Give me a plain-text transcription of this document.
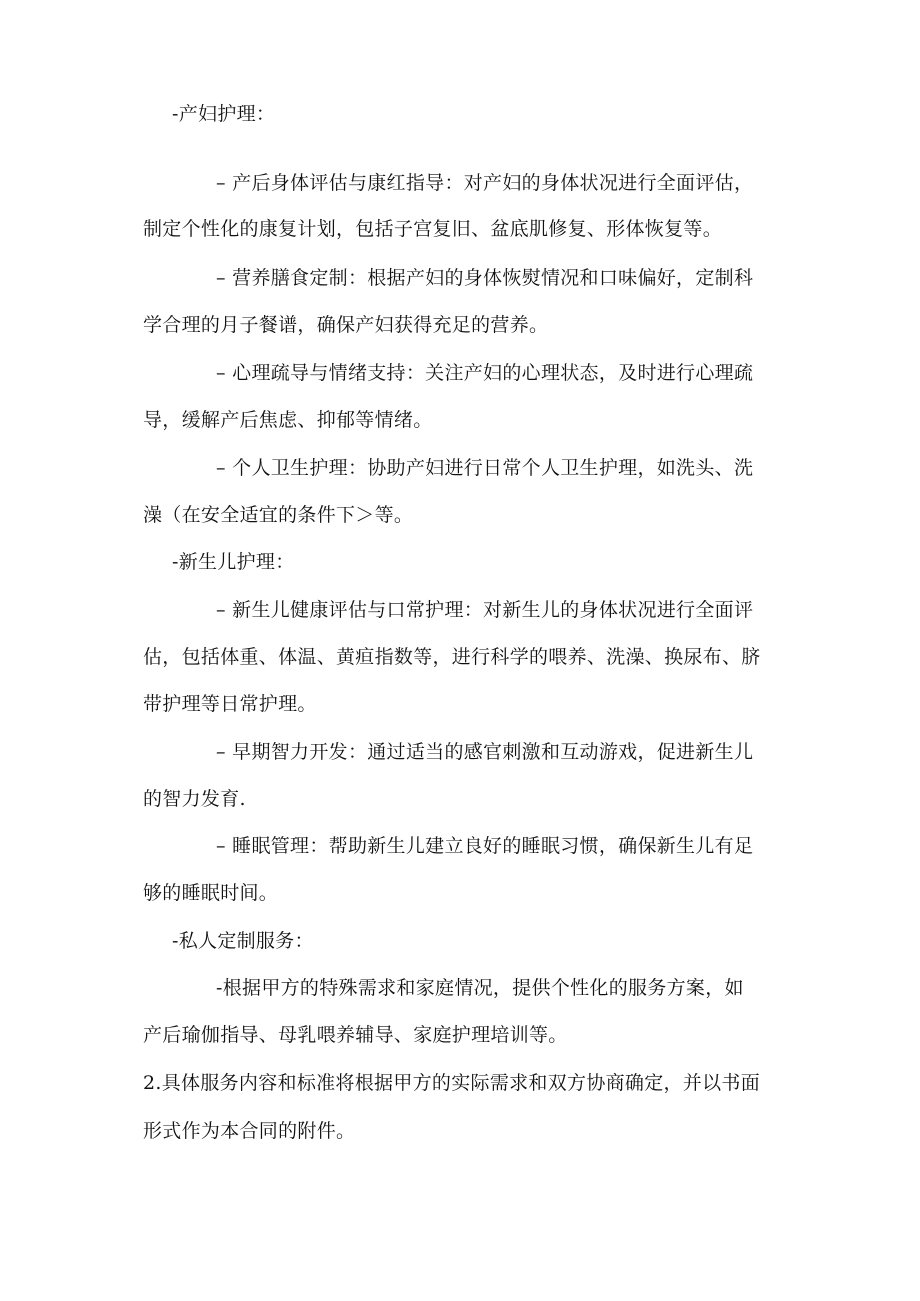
-产妇护理：
– 产后身体评估与康红指导：对产妇的身体状况进行全面评估，
制定个性化的康复计划，包括子宫复旧、盆底肌修复、形体恢复等。
– 营养膳食定制：根据产妇的身体恢熨情况和口味偏好，定制科
学合理的月子餐谱，确保产妇获得充足的营养。
– 心理疏导与情绪支持：关注产妇的心理状态，及时进行心理疏
导，缓解产后焦虑、抑郁等情绪。
– 个人卫生护理：协助产妇进行日常个人卫生护理，如洗头、洗
澡（在安全适宜的条件下＞等。
-新生儿护理：
– 新生儿健康评估与口常护理：对新生儿的身体状况进行全面评
估，包括体重、体温、黄疸指数等，进行科学的喂养、洗澡、换尿布、脐
带护理等日常护理。
– 早期智力开发：通过适当的感官刺激和互动游戏，促进新生儿
的智力发育.
– 睡眠管理：帮助新生儿建立良好的睡眠习惯，确保新生儿有足
够的睡眠时间。
-私人定制服务：
-根据甲方的特殊需求和家庭情况，提供个性化的服务方案，如
产后瑜伽指导、母乳喂养辅导、家庭护理培训等。
2.具体服务内容和标准将根据甲方的实际需求和双方协商确定，并以书面
形式作为本合同的附件。
